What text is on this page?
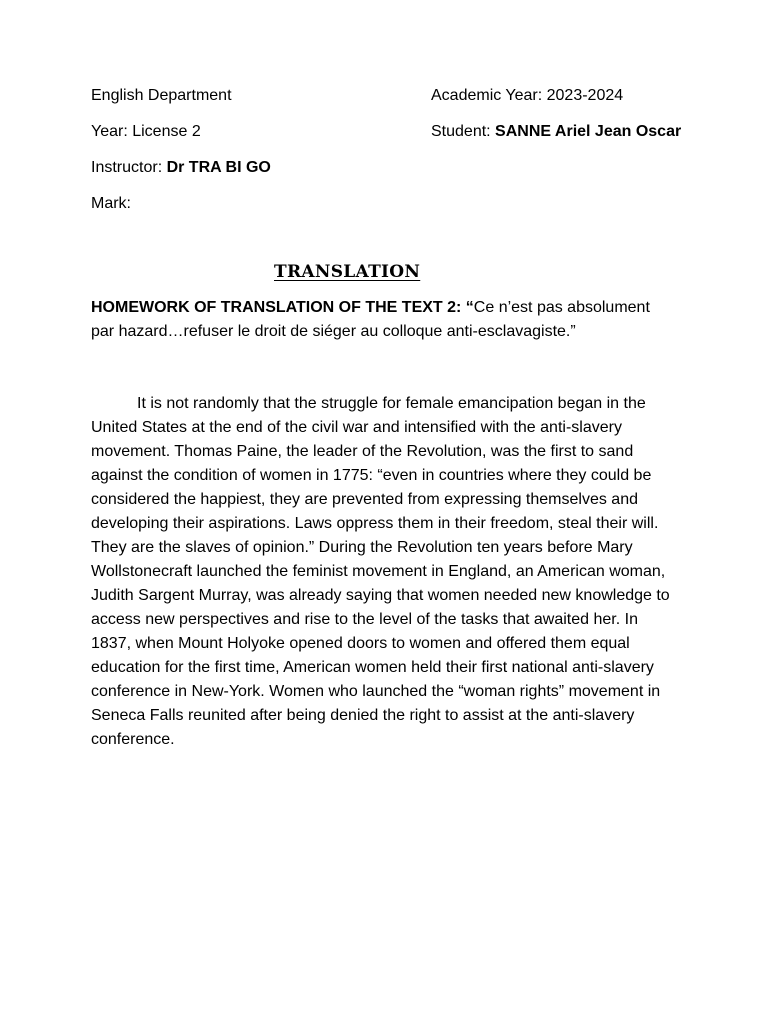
English Department	Academic Year: 2023-2024
Year: License 2	Student: SANNE Ariel Jean Oscar
Instructor: Dr TRA BI GO
Mark:
TRANSLATION
HOMEWORK OF TRANSLATION OF THE TEXT 2: “Ce n’est pas absolument par hazard…refuser le droit de siéger au colloque anti-esclavagiste.”

It is not randomly that the struggle for female emancipation began in the United States at the end of the civil war and intensified with the anti-slavery movement. Thomas Paine, the leader of the Revolution, was the first to sand against the condition of women in 1775: “even in countries where they could be considered the happiest, they are prevented from expressing themselves and developing their aspirations. Laws oppress them in their freedom, steal their will. They are the slaves of opinion.” During the Revolution ten years before Mary Wollstonecraft launched the feminist movement in England, an American woman, Judith Sargent Murray, was already saying that women needed new knowledge to access new perspectives and rise to the level of the tasks that awaited her. In 1837, when Mount Holyoke opened doors to women and offered them equal education for the first time, American women held their first national anti-slavery conference in New-York. Women who launched the “woman rights” movement in Seneca Falls reunited after being denied the right to assist at the anti-slavery conference.
